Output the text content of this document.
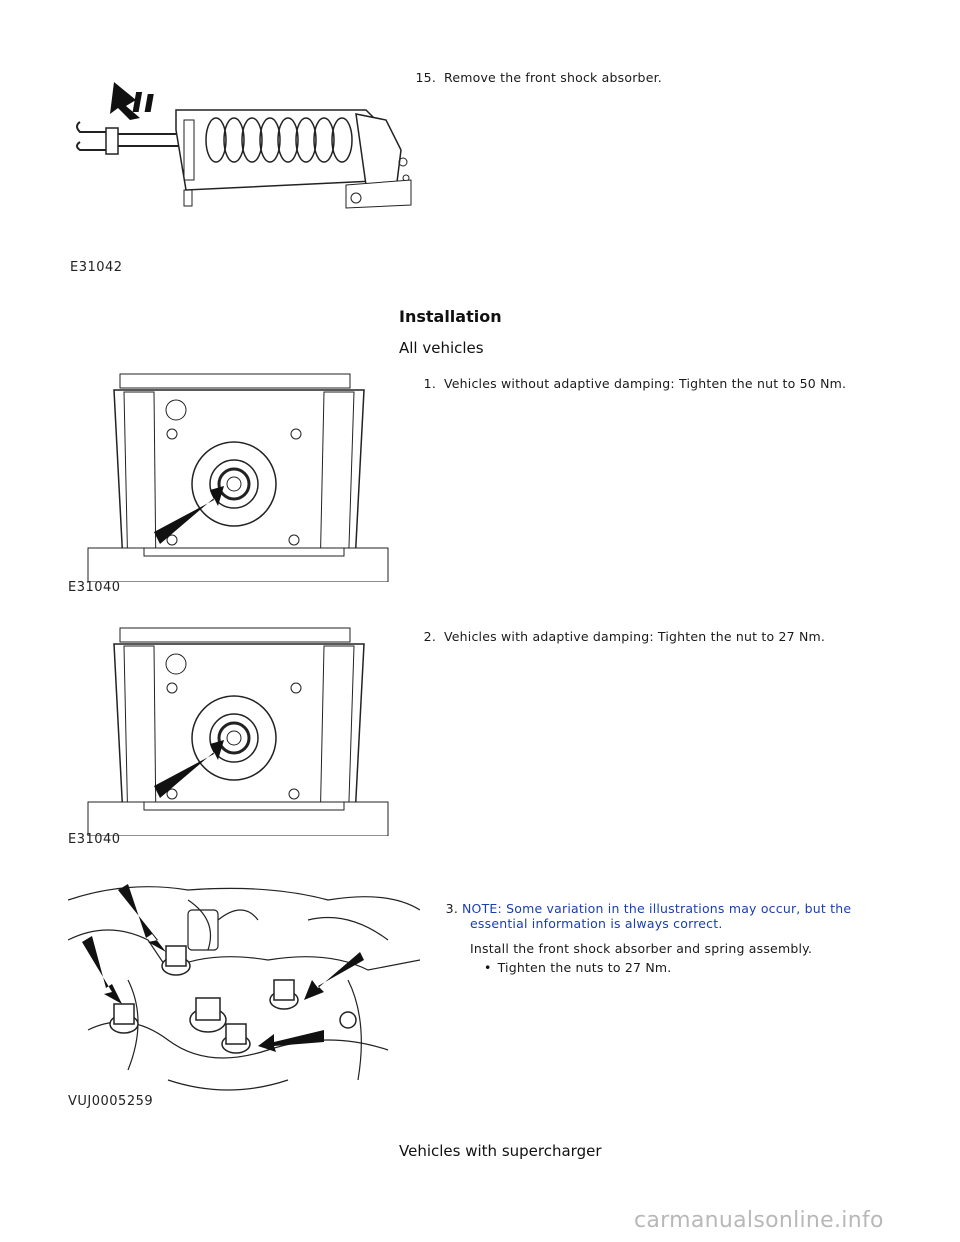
E31042
15. Remove the front shock absorber.
Installation
All vehicles
E31040
1. Vehicles without adaptive damping: Tighten the nut to 50 Nm.
E31040
2. Vehicles with adaptive damping: Tighten the nut to 27 Nm.
VUJ0005259
3. NOTE: Some variation in the illustrations may occur, but the
essential information is always correct.
Install the front shock absorber and spring assembly.
• Tighten the nuts to 27 Nm.
Vehicles with supercharger
carmanualsonline.info
